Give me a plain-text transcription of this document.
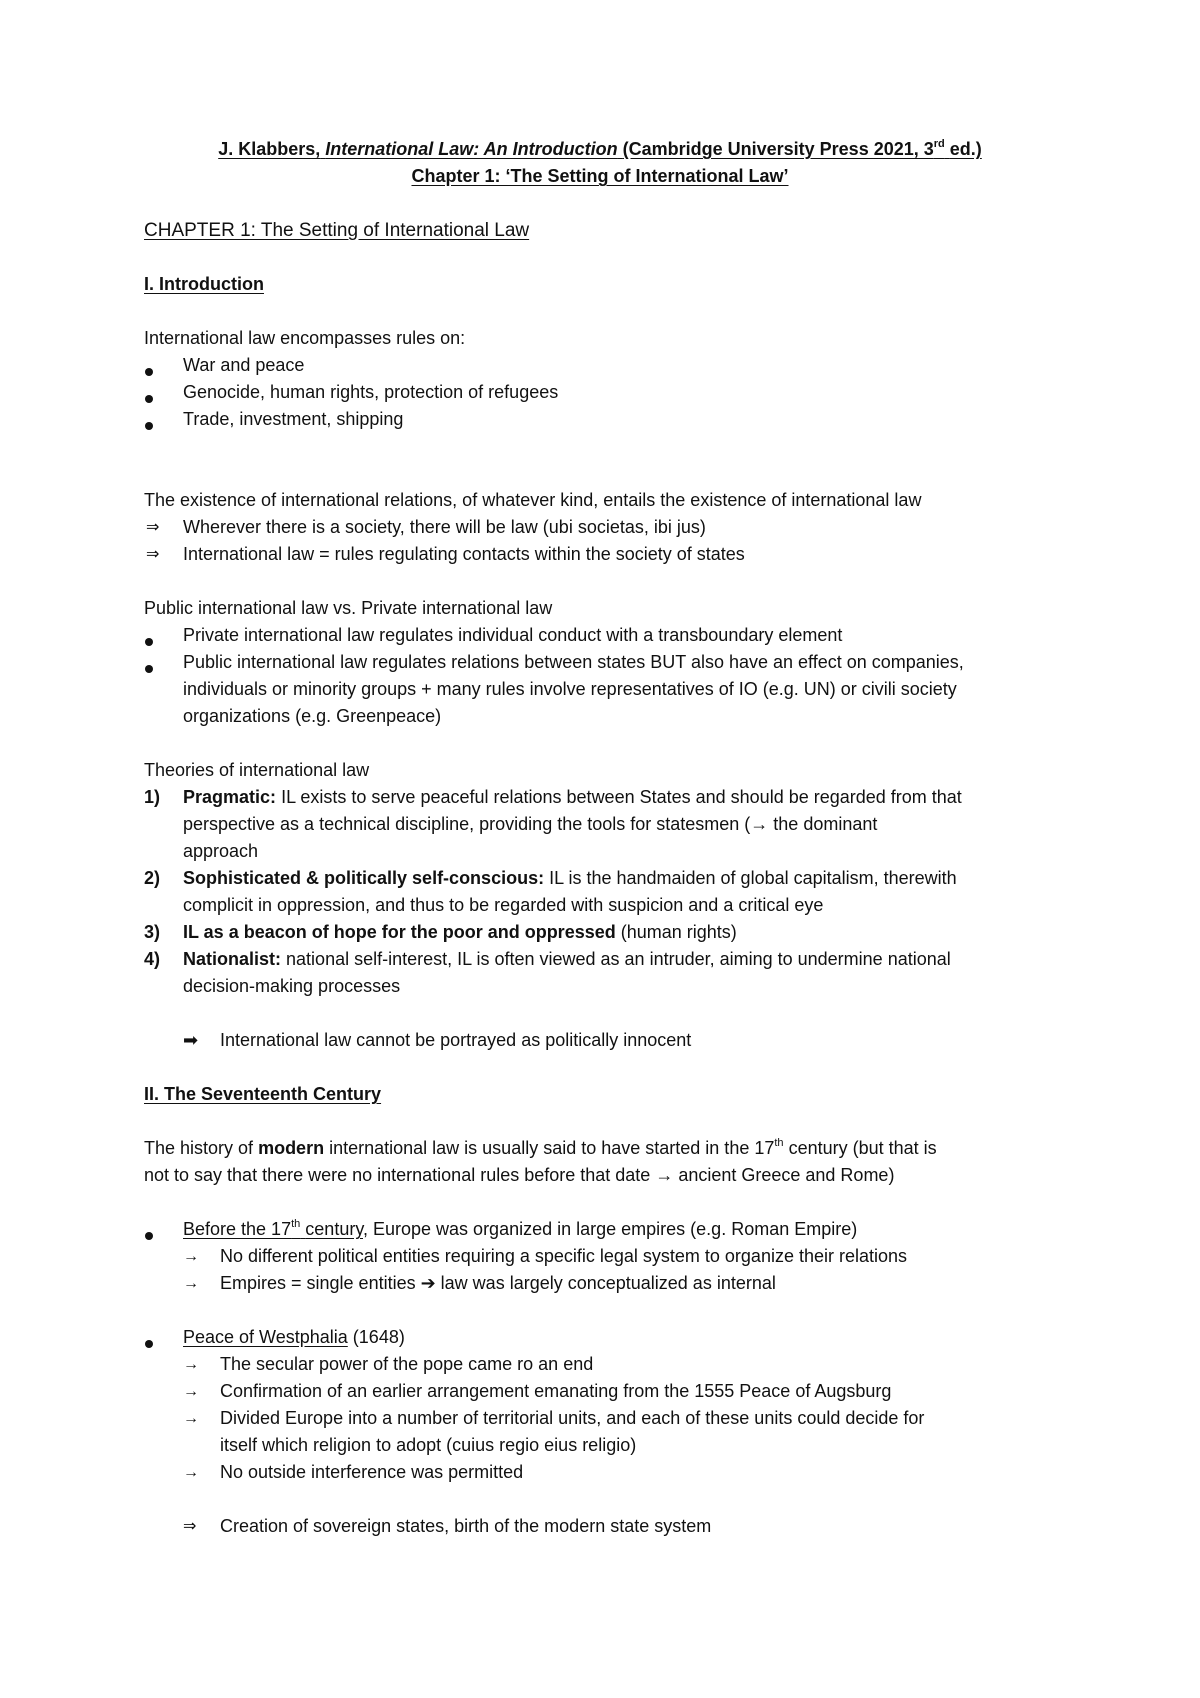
J. Klabbers, International Law: An Introduction (Cambridge University Press 2021, 3rd ed.)
Chapter 1: ‘The Setting of International Law’
CHAPTER 1: The Setting of International Law
I. Introduction
International law encompasses rules on:
War and peace
Genocide, human rights, protection of refugees
Trade, investment, shipping
The existence of international relations, of whatever kind, entails the existence of international law
⇒ Wherever there is a society, there will be law (ubi societas, ibi jus)
⇒ International law = rules regulating contacts within the society of states
Public international law vs. Private international law
Private international law regulates individual conduct with a transboundary element
Public international law regulates relations between states BUT also have an effect on companies,
individuals or minority groups + many rules involve representatives of IO (e.g. UN) or civili society
organizations (e.g. Greenpeace)
Theories of international law
1) Pragmatic: IL exists to serve peaceful relations between States and should be regarded from that
perspective as a technical discipline, providing the tools for statesmen (→ the dominant
approach
2) Sophisticated & politically self-conscious: IL is the handmaiden of global capitalism, therewith
complicit in oppression, and thus to be regarded with suspicion and a critical eye
3) IL as a beacon of hope for the poor and oppressed (human rights)
4) Nationalist: national self-interest, IL is often viewed as an intruder, aiming to undermine national
decision-making processes
➡ International law cannot be portrayed as politically innocent
II. The Seventeenth Century
The history of modern international law is usually said to have started in the 17th century (but that is
not to say that there were no international rules before that date → ancient Greece and Rome)
Before the 17th century, Europe was organized in large empires (e.g. Roman Empire)
→ No different political entities requiring a specific legal system to organize their relations
→ Empires = single entities ➔ law was largely conceptualized as internal
Peace of Westphalia (1648)
→ The secular power of the pope came ro an end
→ Confirmation of an earlier arrangement emanating from the 1555 Peace of Augsburg
→ Divided Europe into a number of territorial units, and each of these units could decide for
itself which religion to adopt (cuius regio eius religio)
→ No outside interference was permitted
⇒ Creation of sovereign states, birth of the modern state system
